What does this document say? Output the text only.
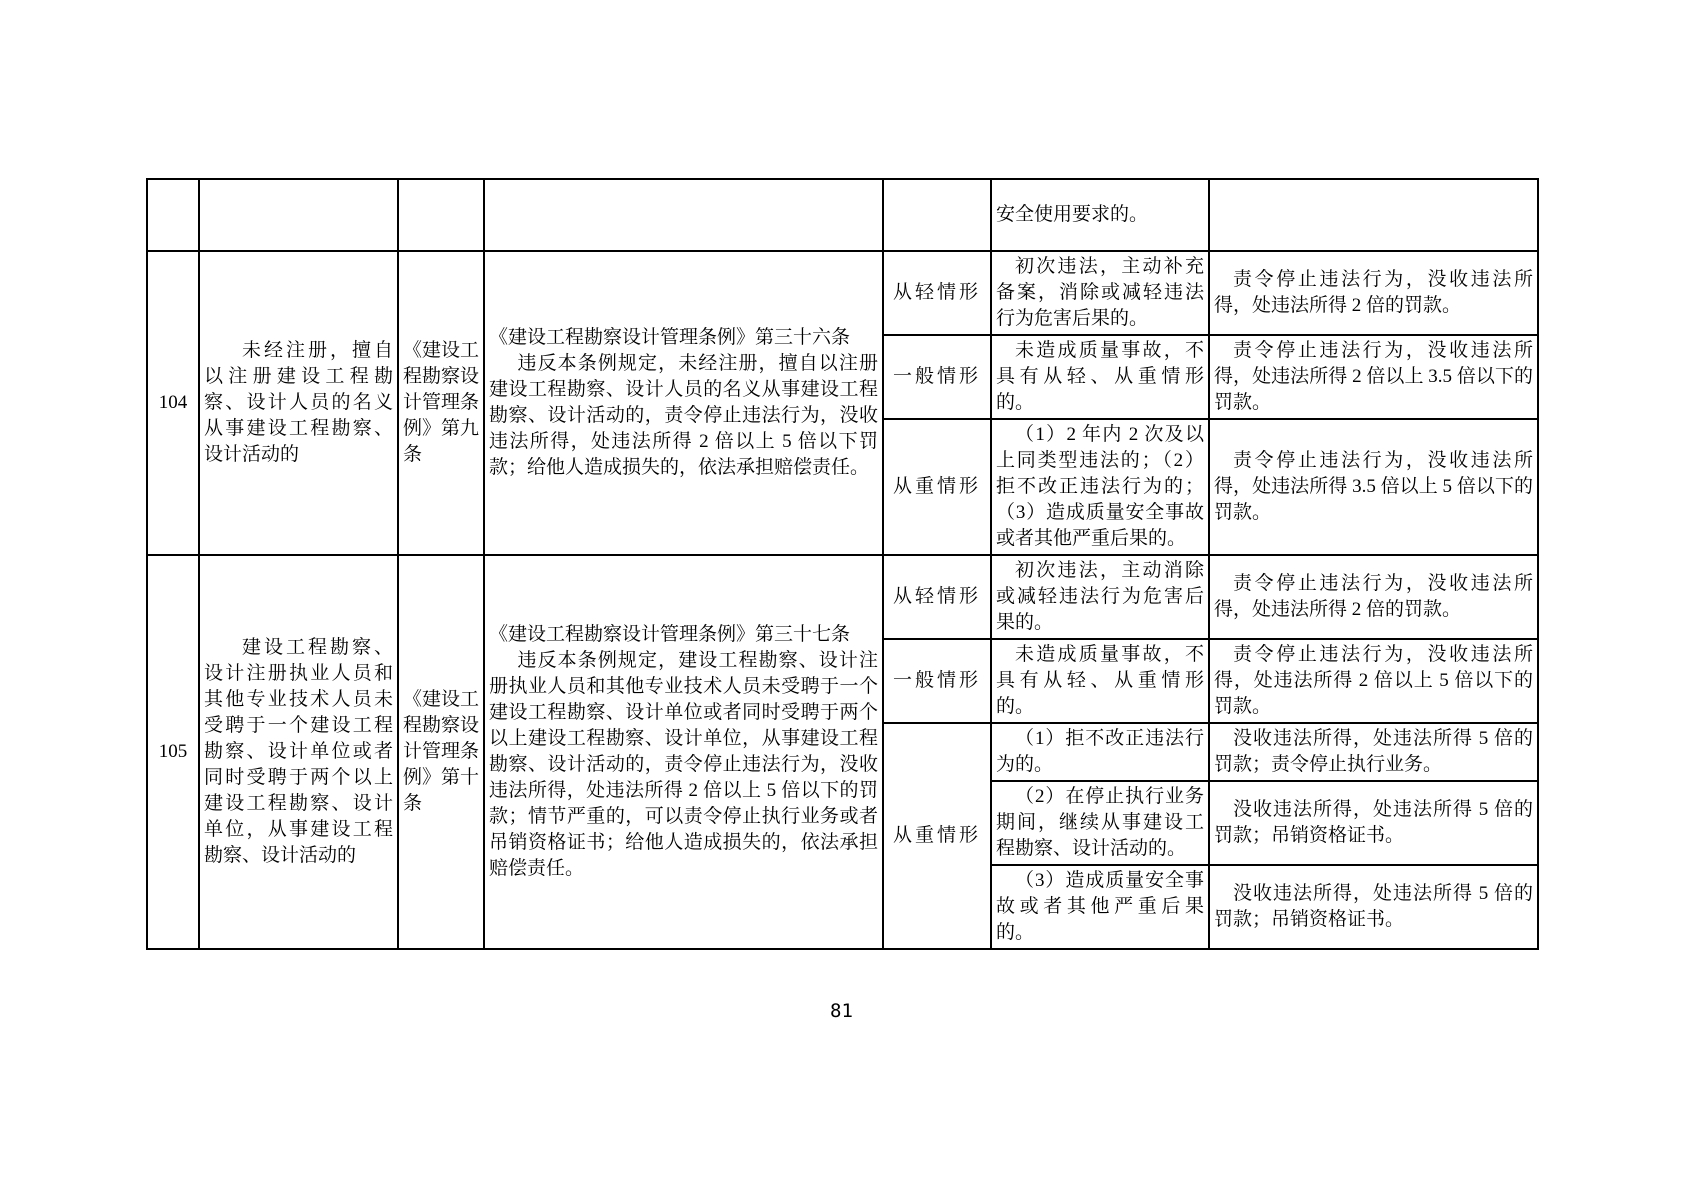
					安全使用要求的。	

104	未经注册，擅自以注册建设工程勘察、设计人员的名义从事建设工程勘察、设计活动的	《建设工程勘察设计管理条例》第九条	《建设工程勘察设计管理条例》第三十六条
违反本条例规定，未经注册，擅自以注册建设工程勘察、设计人员的名义从事建设工程勘察、设计活动的，责令停止违法行为，没收违法所得，处违法所得 2 倍以上 5 倍以下罚款；给他人造成损失的，依法承担赔偿责任。	从轻情形	初次违法，主动补充备案，消除或减轻违法行为危害后果的。	责令停止违法行为，没收违法所得，处违法所得 2 倍的罚款。

				一般情形	未造成质量事故，不具有从轻、从重情形的。	责令停止违法行为，没收违法所得，处违法所得 2 倍以上 3.5 倍以下的罚款。

				从重情形	（1）2 年内 2 次及以上同类型违法的；（2）拒不改正违法行为的；（3）造成质量安全事故或者其他严重后果的。	责令停止违法行为，没收违法所得，处违法所得 3.5 倍以上 5 倍以下的罚款。

105	建设工程勘察、设计注册执业人员和其他专业技术人员未受聘于一个建设工程勘察、设计单位或者同时受聘于两个以上建设工程勘察、设计单位，从事建设工程勘察、设计活动的	《建设工程勘察设计管理条例》第十条	《建设工程勘察设计管理条例》第三十七条
违反本条例规定，建设工程勘察、设计注册执业人员和其他专业技术人员未受聘于一个建设工程勘察、设计单位或者同时受聘于两个以上建设工程勘察、设计单位，从事建设工程勘察、设计活动的，责令停止违法行为，没收违法所得，处违法所得 2 倍以上 5 倍以下的罚款；情节严重的，可以责令停止执行业务或者吊销资格证书；给他人造成损失的，依法承担赔偿责任。	从轻情形	初次违法，主动消除或减轻违法行为危害后果的。	责令停止违法行为，没收违法所得，处违法所得 2 倍的罚款。

				一般情形	未造成质量事故，不具有从轻、从重情形的。	责令停止违法行为，没收违法所得，处违法所得 2 倍以上 5 倍以下的罚款。

				从重情形	（1）拒不改正违法行为的。	没收违法所得，处违法所得 5 倍的罚款；责令停止执行业务。

					（2）在停止执行业务期间，继续从事建设工程勘察、设计活动的。	没收违法所得，处违法所得 5 倍的罚款；吊销资格证书。

					（3）造成质量安全事故或者其他严重后果的。	没收违法所得，处违法所得 5 倍的罚款；吊销资格证书。
81
